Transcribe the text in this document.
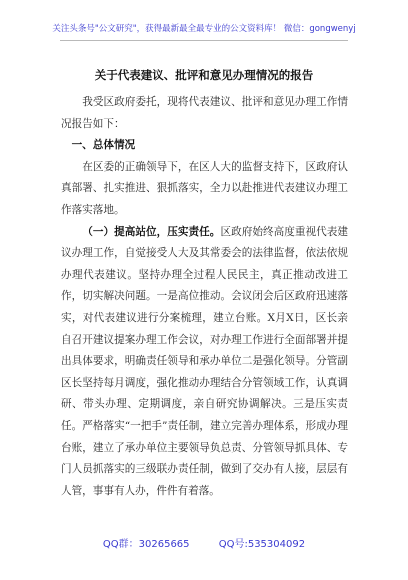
关注头条号"公文研究"，获得最新最全最专业的公文资料库！ 微信：gongwenyj
关于代表建议、批评和意见办理情况的报告

我受区政府委托，现将代表建议、批评和意见办理工作情况报告如下：

一、总体情况

在区委的正确领导下，在区人大的监督支持下，区政府认真部署、扎实推进、狠抓落实，全力以赴推进代表建议办理工作落实落地。

（一）提高站位，压实责任。区政府始终高度重视代表建议办理工作，自觉接受人大及其常委会的法律监督，依法依规办理代表建议。坚持办理全过程人民民主，真正推动改进工作，切实解决问题。一是高位推动。会议闭会后区政府迅速落实，对代表建议进行分案梳理，建立台账。X月X日，区长亲自召开建议提案办理工作会议，对办理工作进行全面部署并提出具体要求，明确责任领导和承办单位二是强化领导。分管副区长坚持每月调度，强化推动办理结合分管领域工作，认真调研、带头办理、定期调度，亲自研究协调解决。三是压实责任。严格落实“一把手”责任制，建立完善办理体系，形成办理台账，建立了承办单位主要领导负总责、分管领导抓具体、专门人员抓落实的三级联办责任制，做到了交办有人接，层层有人管，事事有人办，件件有着落。

QQ群：30265665	QQ号:535304092
